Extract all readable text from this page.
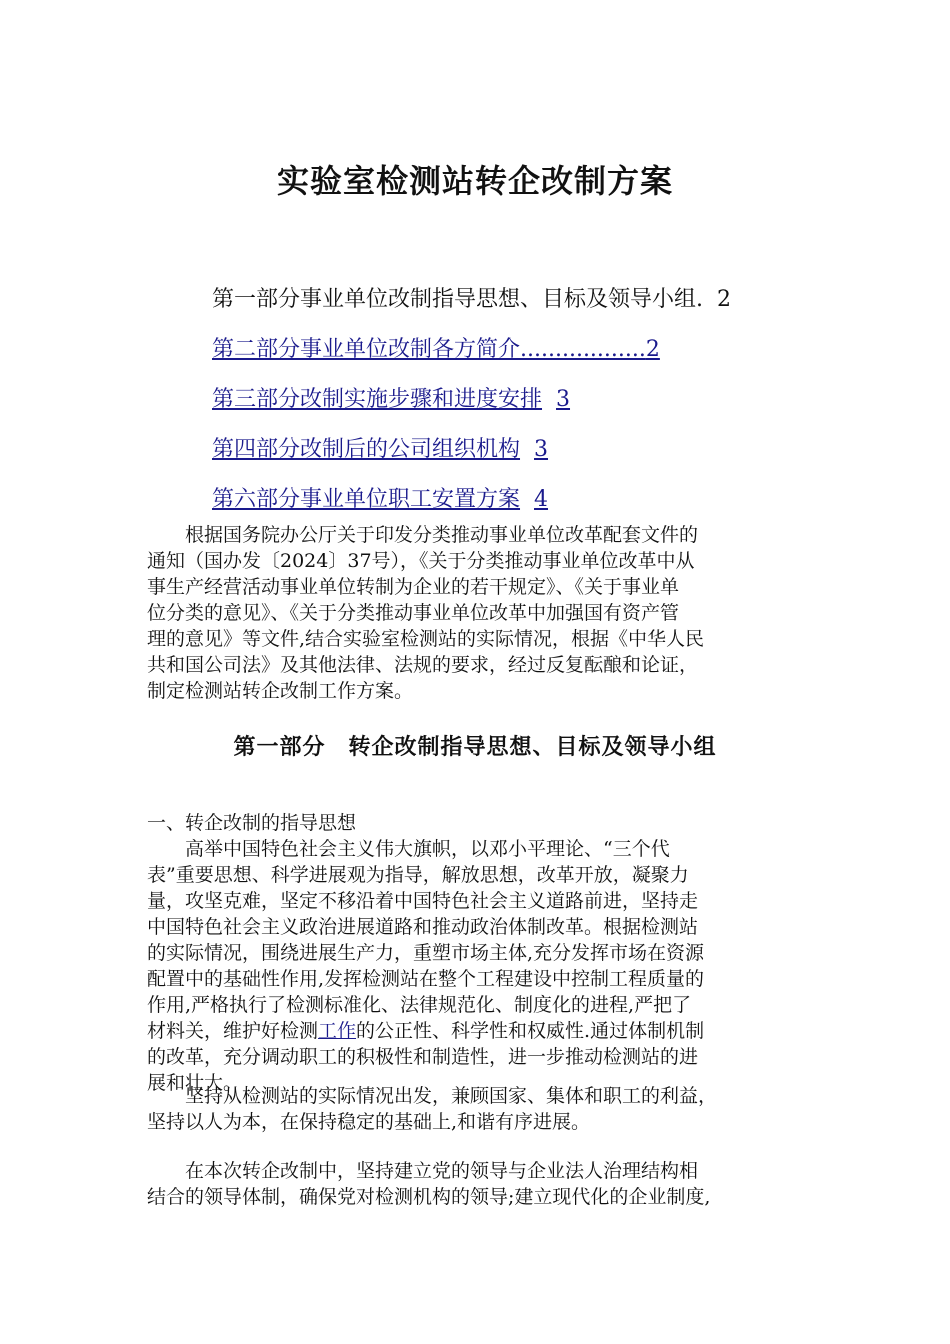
实验室检测站转企改制方案
第一部分事业单位改制指导思想、目标及领导小组. 2
第二部分事业单位改制各方简介..................2
第三部分改制实施步骤和进度安排 3
第四部分改制后的公司组织机构 3
第六部分事业单位职工安置方案 4

根据国务院办公厅关于印发分类推动事业单位改革配套文件的
通知（国办发〔2024〕37号），《关于分类推动事业单位改革中从
事生产经营活动事业单位转制为企业的若干规定》、《关于事业单
位分类的意见》、《关于分类推动事业单位改革中加强国有资产管
理的意见》等文件,结合实验室检测站的实际情况，根据《中华人民
共和国公司法》及其他法律、法规的要求，经过反复酝酿和论证，
制定检测站转企改制工作方案。

第一部分　转企改制指导思想、目标及领导小组

一、转企改制的指导思想

高举中国特色社会主义伟大旗帜，以邓小平理论、“三个代
表”重要思想、科学进展观为指导，解放思想，改革开放，凝聚力
量，攻坚克难，坚定不移沿着中国特色社会主义道路前进，坚持走
中国特色社会主义政治进展道路和推动政治体制改革。根据检测站
的实际情况，围绕进展生产力，重塑市场主体,充分发挥市场在资源
配置中的基础性作用,发挥检测站在整个工程建设中控制工程质量的
作用,严格执行了检测标准化、法律规范化、制度化的进程,严把了
材料关，维护好检测工作的公正性、科学性和权威性.通过体制机制
的改革，充分调动职工的积极性和制造性，进一步推动检测站的进
展和壮大。

坚持从检测站的实际情况出发，兼顾国家、集体和职工的利益，
坚持以人为本，在保持稳定的基础上,和谐有序进展。

在本次转企改制中，坚持建立党的领导与企业法人治理结构相
结合的领导体制，确保党对检测机构的领导;建立现代化的企业制度,
